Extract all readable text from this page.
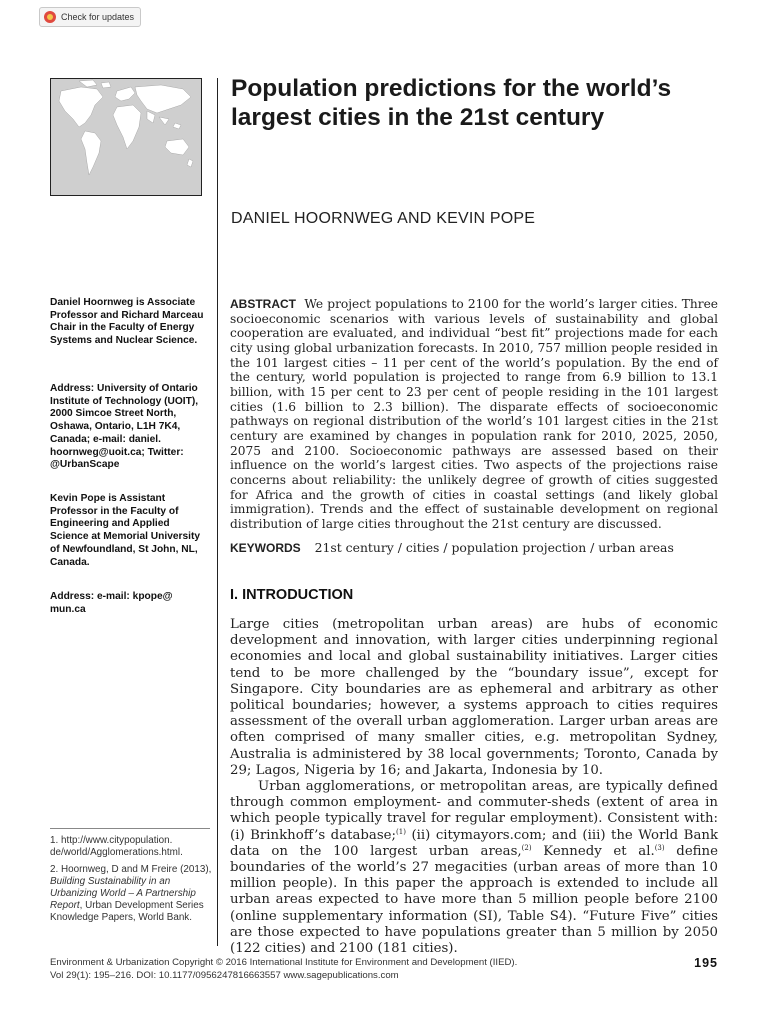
Check for updates
Population predictions for the world’s largest cities in the 21st century
DANIEL HOORNWEG AND KEVIN POPE

Daniel Hoornweg is Associate Professor and Richard Marceau Chair in the Faculty of Energy Systems and Nuclear Science.

Address: University of Ontario Institute of Technology (UOIT), 2000 Simcoe Street North, Oshawa, Ontario, L1H 7K4, Canada; e-mail: daniel. hoornweg@uoit.ca; Twitter: @UrbanScape

Kevin Pope is Assistant Professor in the Faculty of Engineering and Applied Science at Memorial University of Newfoundland, St John, NL, Canada.

Address: e-mail: kpope@ mun.ca

ABSTRACT We project populations to 2100 for the world’s larger cities. Three socioeconomic scenarios with various levels of sustainability and global cooperation are evaluated, and individual “best fit” projections made for each city using global urbanization forecasts. In 2010, 757 million people resided in the 101 largest cities – 11 per cent of the world’s population. By the end of the century, world population is projected to range from 6.9 billion to 13.1 billion, with 15 per cent to 23 per cent of people residing in the 101 largest cities (1.6 billion to 2.3 billion). The disparate effects of socioeconomic pathways on regional distribution of the world’s 101 largest cities in the 21st century are examined by changes in population rank for 2010, 2025, 2050, 2075 and 2100. Socioeconomic pathways are assessed based on their influence on the world’s largest cities. Two aspects of the projections raise concerns about reliability: the unlikely degree of growth of cities suggested for Africa and the growth of cities in coastal settings (and likely global immigration). Trends and the effect of sustainable development on regional distribution of large cities throughout the 21st century are discussed.

KEYWORDS 21st century / cities / population projection / urban areas
I. INTRODUCTION

Large cities (metropolitan urban areas) are hubs of economic development and innovation, with larger cities underpinning regional economies and local and global sustainability initiatives. Larger cities tend to be more challenged by the “boundary issue”, except for Singapore. City boundaries are as ephemeral and arbitrary as other political boundaries; however, a systems approach to cities requires assessment of the overall urban agglomeration. Larger urban areas are often comprised of many smaller cities, e.g. metropolitan Sydney, Australia is administered by 38 local governments; Toronto, Canada by 29; Lagos, Nigeria by 16; and Jakarta, Indonesia by 10.

Urban agglomerations, or metropolitan areas, are typically defined through common employment- and commuter-sheds (extent of area in which people typically travel for regular employment). Consistent with: (i) Brinkhoff’s database;$^{(1)}$ (ii) citymayors.com; and (iii) the World Bank data on the 100 largest urban areas,$^{(2)}$ Kennedy et al.$^{(3)}$ define boundaries of the world’s 27 megacities (urban areas of more than 10 million people). In this paper the approach is extended to include all urban areas expected to have more than 5 million people before 2100 (online supplementary information (SI), Table S4). “Future Five” cities are those expected to have populations greater than 5 million by 2050 (122 cities) and 2100 (181 cities).

1. http://www.citypopulation. de/world/Agglomerations.html.

2. Hoornweg, D and M Freire (2013), Building Sustainability in an Urbanizing World – A Partnership Report, Urban Development Series Knowledge Papers, World Bank.

Environment & Urbanization Copyright © 2016 International Institute for Environment and Development (IIED).
Vol 29(1): 195–216. DOI: 10.1177/0956247816663557 www.sagepublications.com
195
